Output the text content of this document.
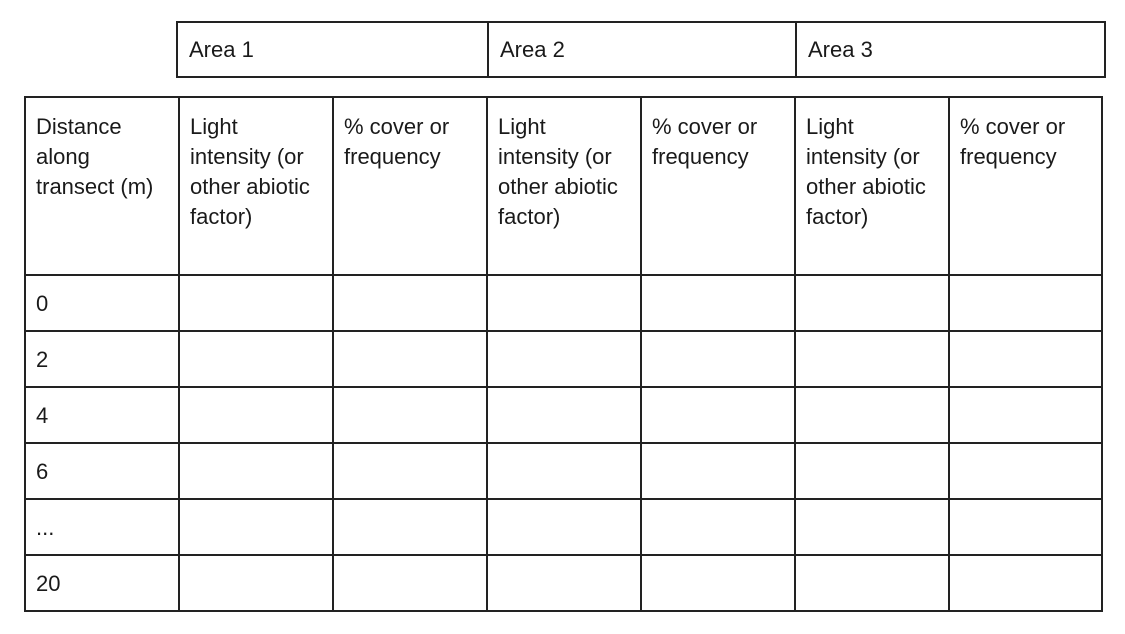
Area 1	Area 2	Area 3
Distance along transect (m)	Light intensity (or other abiotic factor)	% cover or frequency	Light intensity (or other abiotic factor)	% cover or frequency	Light intensity (or other abiotic factor)	% cover or frequency
0						
2						
4						
6						
...						
20						
